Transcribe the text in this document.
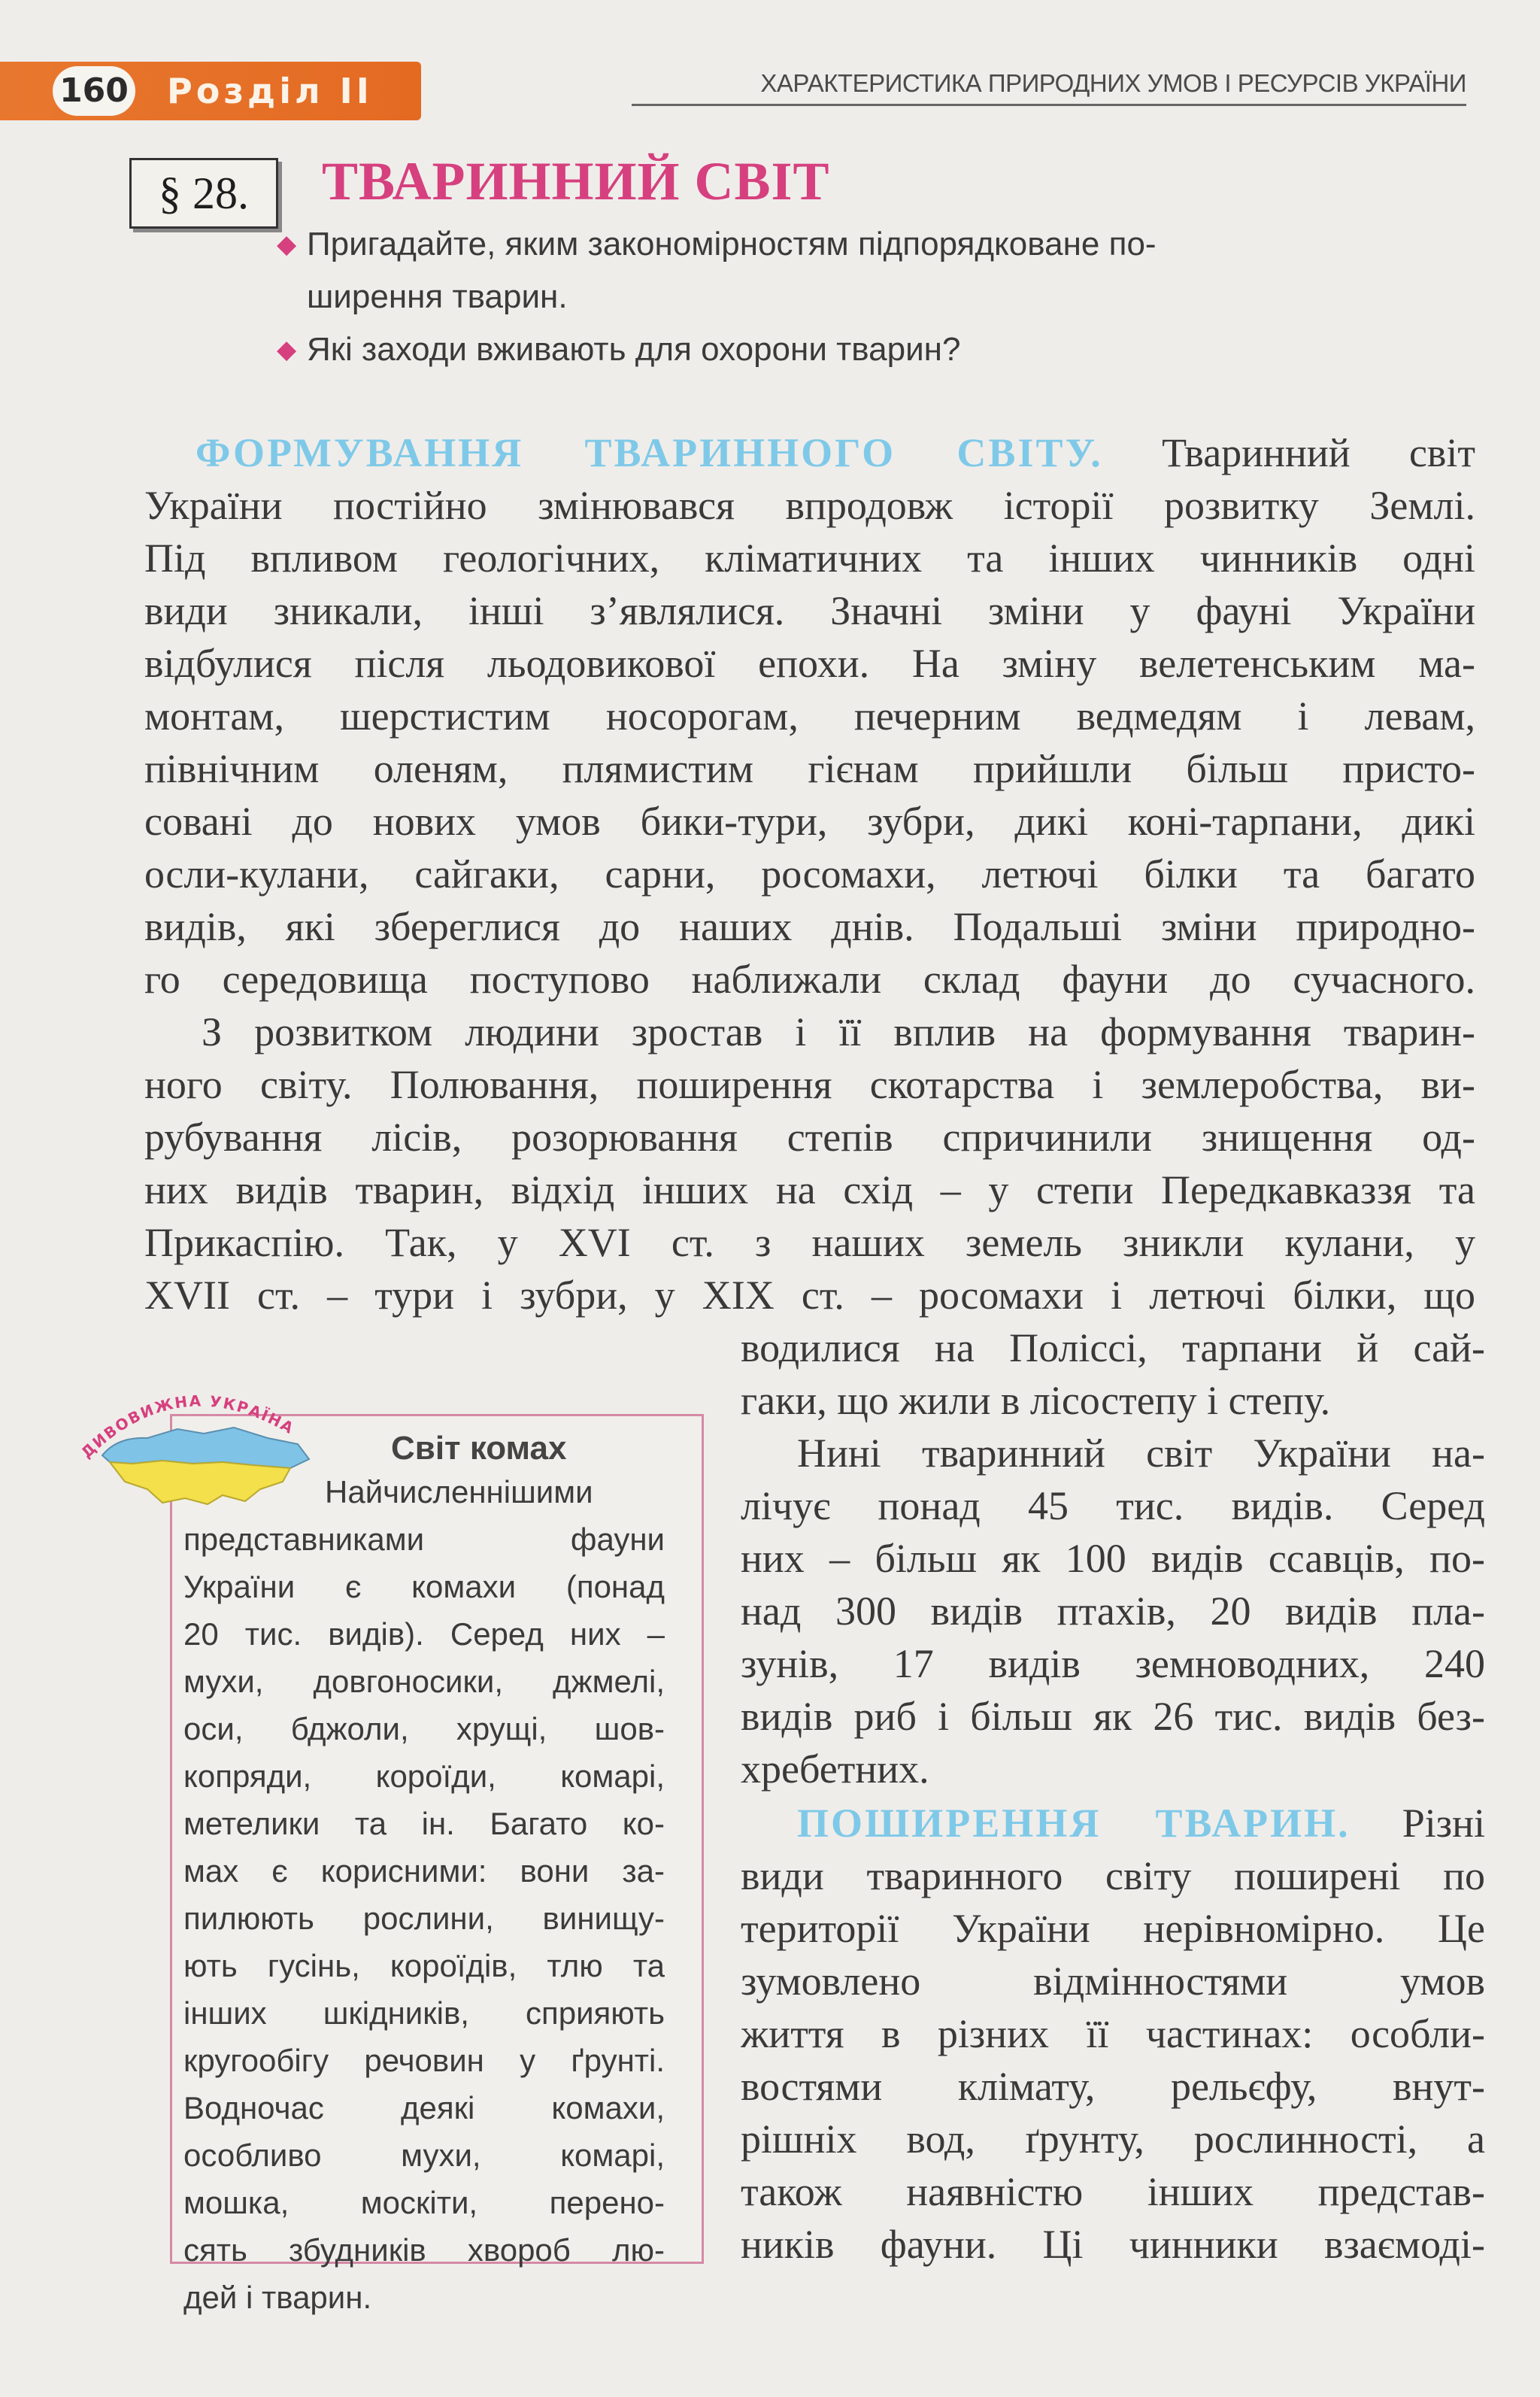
160 Розділ II	ХАРАКТЕРИСТИКА ПРИРОДНИХ УМОВ І РЕСУРСІВ УКРАЇНИ
§ 28.	ТВАРИННИЙ СВІТ
◆ Пригадайте, яким закономірностям підпорядковане по-
ширення тварин.
◆ Які заходи вживають для охорони тварин?
ФОРМУВАННЯ ТВАРИННОГО СВІТУ. Тваринний світ
України постійно змінювався впродовж історії розвитку Землі.
Під впливом геологічних, кліматичних та інших чинників одні
види зникали, інші з’являлися. Значні зміни у фауні України
відбулися після льодовикової епохи. На зміну велетенським ма-
монтам, шерстистим носорогам, печерним ведмедям і левам,
північним оленям, плямистим гієнам прийшли більш присто-
совані до нових умов бики-тури, зубри, дикі коні-тарпани, дикі
осли-кулани, сайгаки, сарни, росомахи, летючі білки та багато
видів, які збереглися до наших днів. Подальші зміни природно-
го середовища поступово наближали склад фауни до сучасного.
З розвитком людини зростав і її вплив на формування тварин-
ного світу. Полювання, поширення скотарства і землеробства, ви-
рубування лісів, розорювання степів спричинили знищення од-
них видів тварин, відхід інших на схід – у степи Передкавказзя та
Прикаспію. Так, у XVI ст. з наших земель зникли кулани, у
XVII ст. – тури і зубри, у XIX ст. – росомахи і летючі білки, що
водилися на Поліссі, тарпани й сай-
гаки, що жили в лісостепу і степу.
Нині тваринний світ України на-
лічує понад 45 тис. видів. Серед
них – більш як 100 видів ссавців, по-
над 300 видів птахів, 20 видів пла-
зунів, 17 видів земноводних, 240
видів риб і більш як 26 тис. видів без-
хребетних.
ПОШИРЕННЯ ТВАРИН. Різні
види тваринного світу поширені по
території України нерівномірно. Це
зумовлено відмінностями умов
життя в різних її частинах: особли-
востями клімату, рельєфу, внут-
рішніх вод, ґрунту, рослинності, а
також наявністю інших представ-
ників фауни. Ці чинники взаємоді-
ДИВОВИЖНА УКРАЇНА
Світ комах
Найчисленнішими
представниками фауни
України є комахи (понад
20 тис. видів). Серед них –
мухи, довгоносики, джмелі,
оси, бджоли, хрущі, шов-
копряди, короїди, комарі,
метелики та ін. Багато ко-
мах є корисними: вони за-
пилюють рослини, винищу-
ють гусінь, короїдів, тлю та
інших шкідників, сприяють
кругообігу речовин у ґрунті.
Водночас деякі комахи,
особливо мухи, комарі,
мошка, москіти, перено-
сять збудників хвороб лю-
дей і тварин.
